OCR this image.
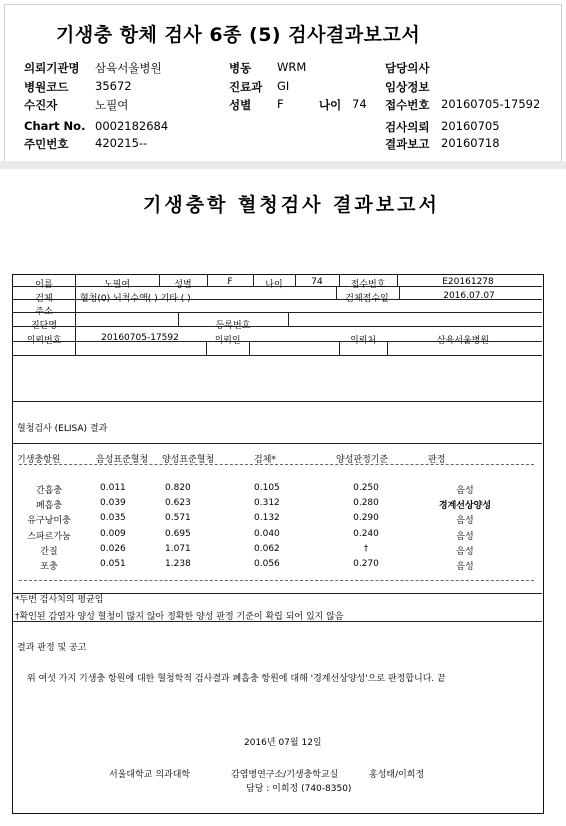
기생충 항체 검사 6종 (5) 검사결과보고서
의뢰기관명 삼육서울병원	병동 WRM	담당의사
병원코드 35672	진료과 GI	임상정보
수진자	노필여	성별 F	나이 74 접수번호 20160705-17592
Chart No. 0002182684	검사의뢰 20160705
주민번호 420215--	결과보고 20160718
기생충학 혈청검사 결과보고서
이름	노필여	성별	F	나이	74	접수번호	E20161278
검체	혈청(0) 뇌척수액( ) 기타 ( )	검체접수일	2016.07.07
주소
진단명	등록번호
의뢰번호	20160705-17592	의뢰인	의뢰처	삼육서울병원
혈청검사 (ELISA) 결과
기생충항원	음성표준혈청 양성표준혈청	검체*	양성판정기준	판정
간흡충	0.011	0.820	0.105	0.250	음성
폐흡충	0.039	0.623	0.312	0.280	경계선상양성
유구낭미충	0.035	0.571	0.132	0.290	음성
스파르가눔	0.009	0.695	0.040	0.240	음성
간질	0.026	1.071	0.062	†	음성
포충	0.051	1.238	0.056	0.270	음성
*두번 검사치의 평균임
†확인된 감염자 양성 혈청이 많지 않아 정확한 양성 판정 기준이 확립 되어 있지 않음
결과 판정 및 공고
위 여섯 가지 기생충 항원에 대한 혈청학적 검사결과 폐흡충 항원에 대해 '경계선상양성'으로 판정합니다. 끝
2016년 07월 12일
서울대학교 의과대학	감염병연구소/기생충학교실	홍성태/이희정
담당 : 이희정 (740-8350)
